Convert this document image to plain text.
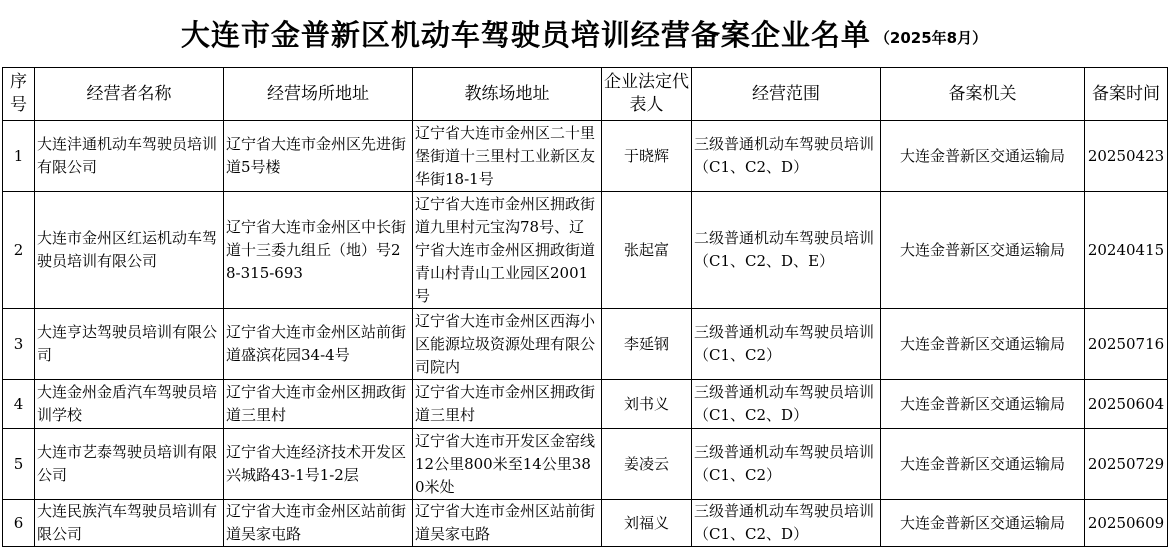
大连市金普新区机动车驾驶员培训经营备案企业名单 （2025年8月）
序号	经营者名称	经营场所地址	教练场地址	企业法定代表人	经营范围	备案机关	备案时间
1	大连沣通机动车驾驶员培训有限公司	辽宁省大连市金州区先进街道5号楼	辽宁省大连市金州区二十里堡街道十三里村工业新区友华街18-1号	于晓辉	三级普通机动车驾驶员培训（C1、C2、D）	大连金普新区交通运输局	20250423
2	大连市金州区红运机动车驾驶员培训有限公司	辽宁省大连市金州区中长街道十三委九组丘（地）号28-315-693	辽宁省大连市金州区拥政街道九里村元宝沟78号、辽宁省大连市金州区拥政街道青山村青山工业园区2001号	张起富	二级普通机动车驾驶员培训（C1、C2、D、E）	大连金普新区交通运输局	20240415
3	大连亨达驾驶员培训有限公司	辽宁省大连市金州区站前街道盛滨花园34-4号	辽宁省大连市金州区西海小区能源垃圾资源处理有限公司院内	李延钢	三级普通机动车驾驶员培训（C1、C2）	大连金普新区交通运输局	20250716
4	大连金州金盾汽车驾驶员培训学校	辽宁省大连市金州区拥政街道三里村	辽宁省大连市金州区拥政街道三里村	刘书义	三级普通机动车驾驶员培训（C1、C2、D）	大连金普新区交通运输局	20250604
5	大连市艺泰驾驶员培训有限公司	辽宁省大连经济技术开发区兴城路43-1号1-2层	辽宁省大连市开发区金窑线12公里800米至14公里380米处	姜凌云	三级普通机动车驾驶员培训（C1、C2）	大连金普新区交通运输局	20250729
6	大连民族汽车驾驶员培训有限公司	辽宁省大连市金州区站前街道吴家屯路	辽宁省大连市金州区站前街道吴家屯路	刘福义	三级普通机动车驾驶员培训（C1、C2、D）	大连金普新区交通运输局	20250609
